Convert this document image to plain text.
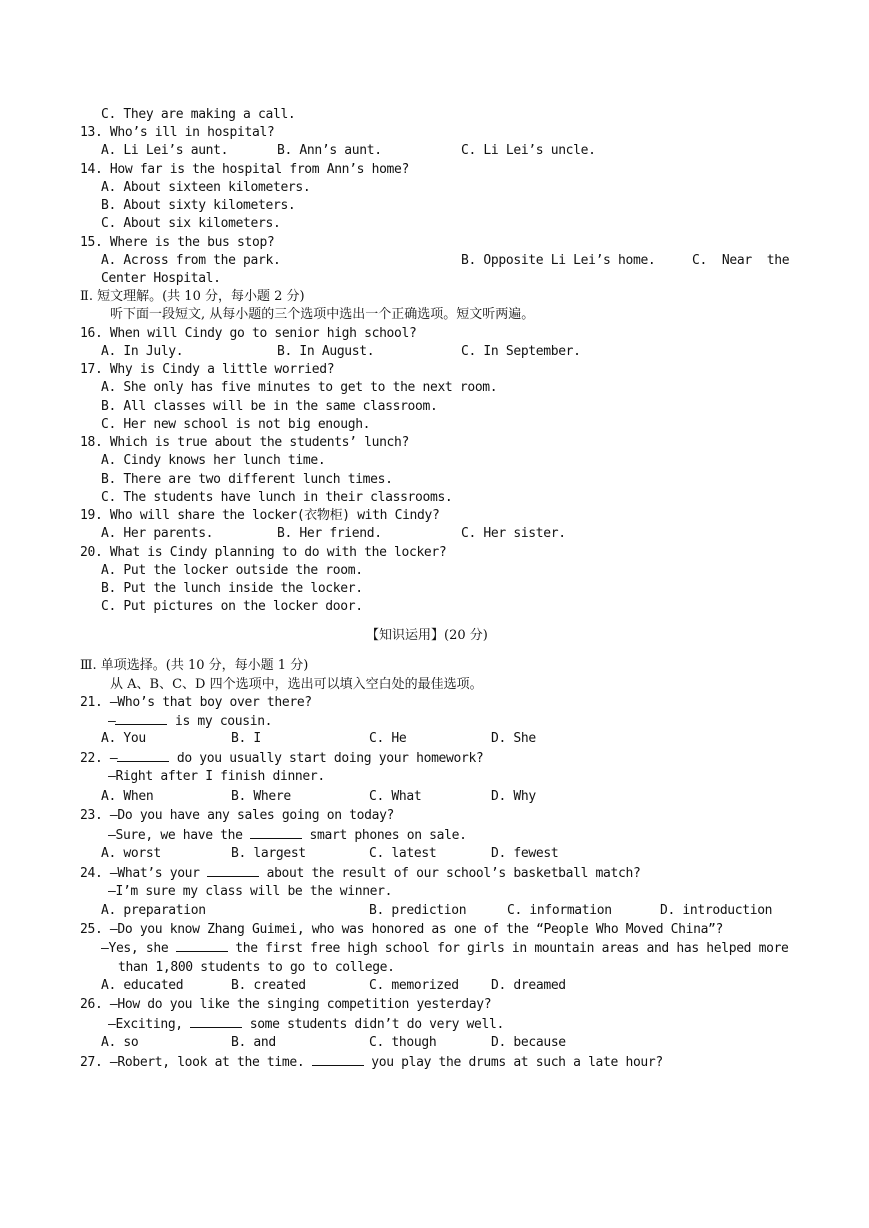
C. They are making a call.
13. Who’s ill in hospital?
A. Li Lei’s aunt.	B. Ann’s aunt.	C. Li Lei’s uncle.
14. How far is the hospital from Ann’s home?
A. About sixteen kilometers.
B. About sixty kilometers.
C. About six kilometers.
15. Where is the bus stop?
A. Across from the park.	B. Opposite Li Lei’s home.	C.  Near  the
Center Hospital.
Ⅱ. 短文理解。(共 10 分，每小题 2 分)
听下面一段短文, 从每小题的三个选项中选出一个正确选项。短文听两遍。
16. When will Cindy go to senior high school?
A. In July.	B. In August.	C. In September.
17. Why is Cindy a little worried?
A. She only has five minutes to get to the next room.
B. All classes will be in the same classroom.
C. Her new school is not big enough.
18. Which is true about the students’ lunch?
A. Cindy knows her lunch time.
B. There are two different lunch times.
C. The students have lunch in their classrooms.
19. Who will share the locker(衣物柜) with Cindy?
A. Her parents.	B. Her friend.	C. Her sister.
20. What is Cindy planning to do with the locker?
A. Put the locker outside the room.
B. Put the lunch inside the locker.
C. Put pictures on the locker door.
【知识运用】(20 分)
Ⅲ. 单项选择。(共 10 分，每小题 1 分)
从 A、B、C、D 四个选项中，选出可以填入空白处的最佳选项。
21. —Who’s that boy over there?
—	is my cousin.
A. You	B. I	C. He	D. She
22. —	do you usually start doing your homework?
—Right after I finish dinner.
A. When	B. Where	C. What	D. Why
23. —Do you have any sales going on today?
—Sure, we have the	smart phones on sale.
A. worst	B. largest	C. latest	D. fewest
24. —What’s your	about the result of our school’s basketball match?
—I’m sure my class will be the winner.
A. preparation	B. prediction	C. information	D. introduction
25. —Do you know Zhang Guimei, who was honored as one of the “People Who Moved China”?
—Yes, she	the first free high school for girls in mountain areas and has helped more
than 1,800 students to go to college.
A. educated	B. created	C. memorized D. dreamed
26. —How do you like the singing competition yesterday?
—Exciting,	some students didn’t do very well.
A. so	B. and	C. though	D. because
27. —Robert, look at the time.	you play the drums at such a late hour?
